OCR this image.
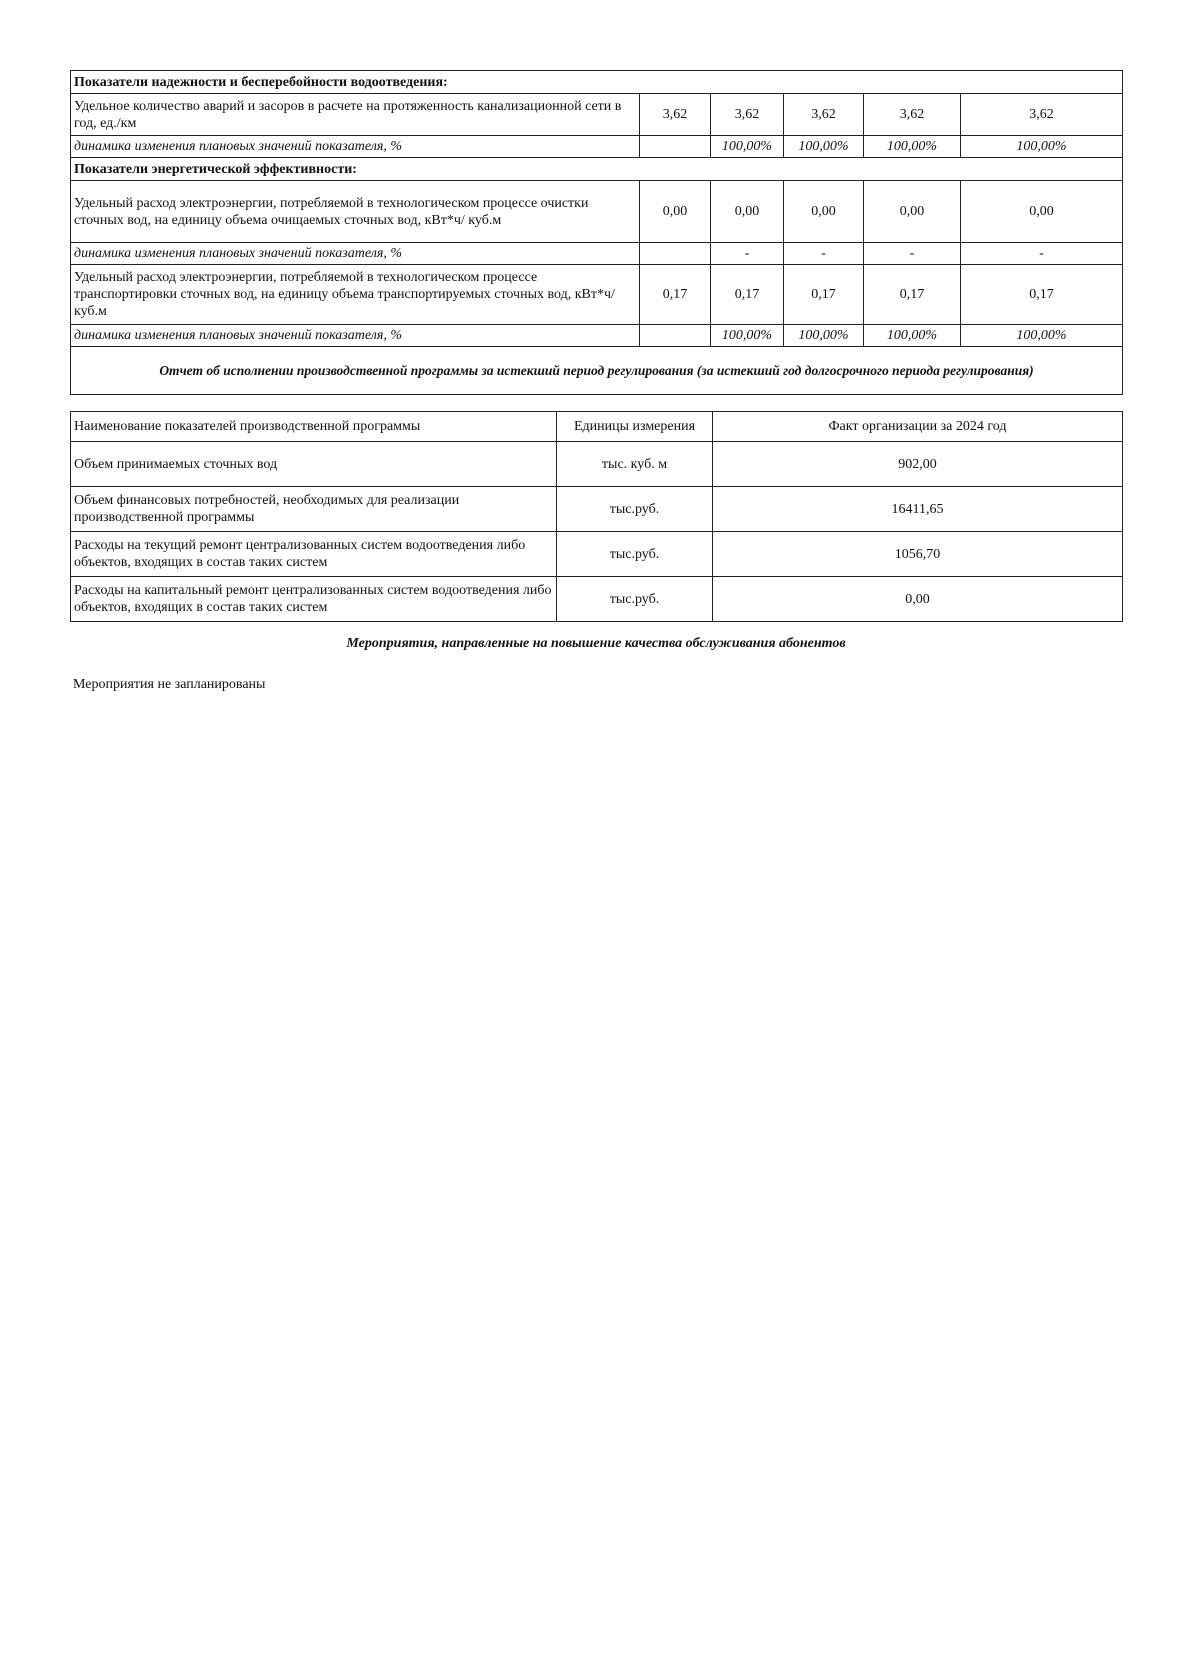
Показатели надежности и бесперебойности водоотведения:					
Удельное количество аварий и засоров в расчете на протяженность канализационной сети в год, ед./км	3,62	3,62	3,62	3,62	3,62
динамика изменения плановых значений показателя, %		100,00%	100,00%	100,00%	100,00%
Показатели энергетической эффективности:					
Удельный расход электроэнергии, потребляемой в технологическом процессе очистки сточных вод, на единицу объема очищаемых сточных вод, кВт*ч/ куб.м	0,00	0,00	0,00	0,00	0,00
динамика изменения плановых значений показателя, %		-	-	-	-
Удельный расход электроэнергии, потребляемой в технологическом процессе транспортировки сточных вод, на единицу объема транспортируемых сточных вод, кВт*ч/ куб.м	0,17	0,17	0,17	0,17	0,17
динамика изменения плановых значений показателя, %		100,00%	100,00%	100,00%	100,00%
Отчет об исполнении производственной программы за истекший период регулирования (за истекший год долгосрочного периода регулирования)					
Наименование показателей производственной программы	Единицы измерения	Факт организации за 2024 год
Объем принимаемых сточных вод	тыс. куб. м	902,00
Объем финансовых потребностей, необходимых для реализации производственной программы	тыс.руб.	16411,65
Расходы на текущий ремонт централизованных систем водоотведения либо объектов, входящих в состав таких систем	тыс.руб.	1056,70
Расходы на капитальный ремонт централизованных систем водоотведения либо объектов, входящих в состав таких систем	тыс.руб.	0,00
Мероприятия, направленные на повышение качества обслуживания абонентов
Мероприятия не запланированы
